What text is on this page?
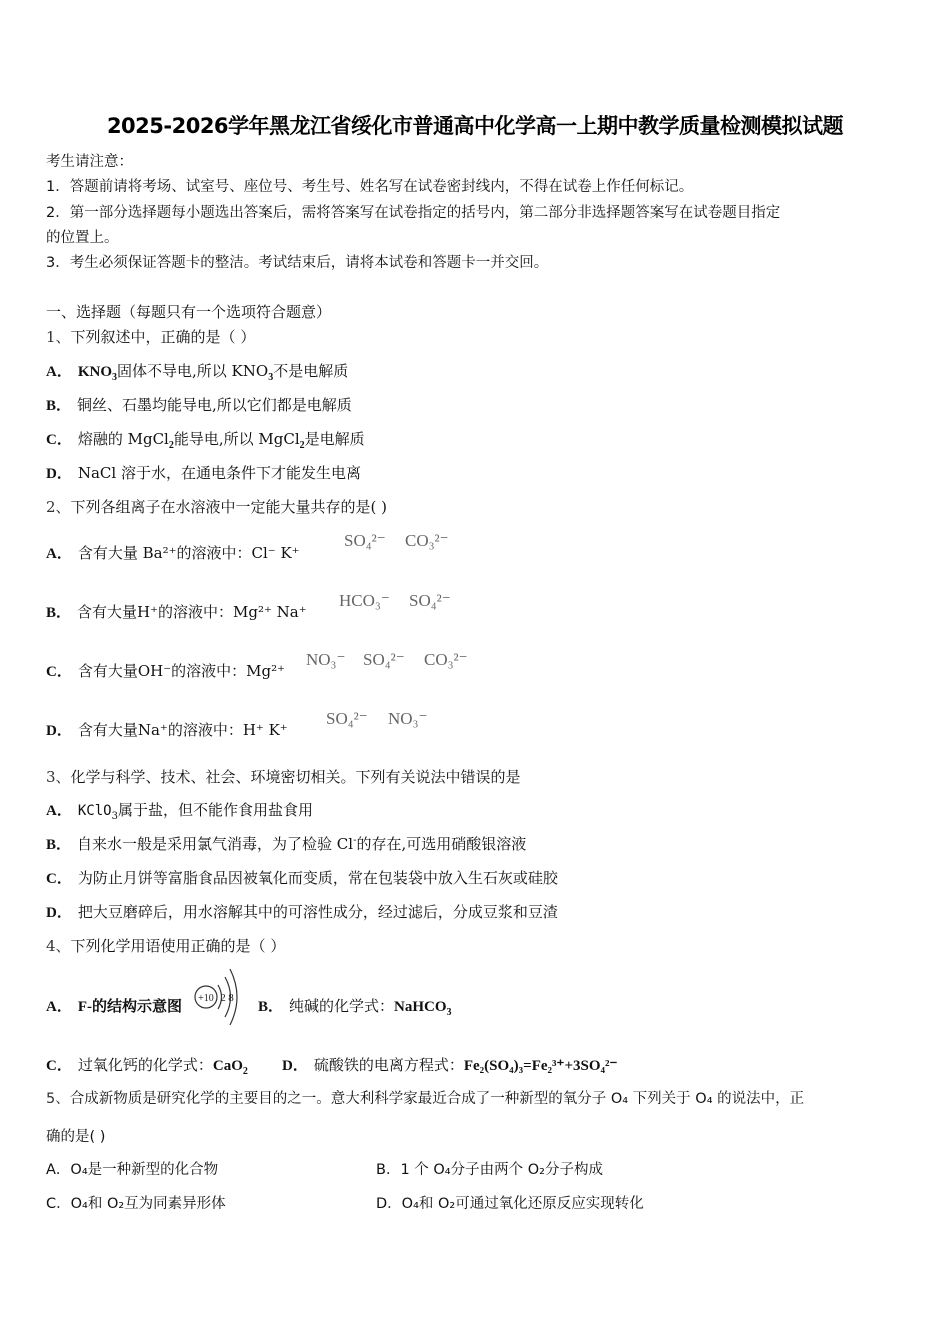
2025-2026学年黑龙江省绥化市普通高中化学高一上期中教学质量检测模拟试题
考生请注意：
1．答题前请将考场、试室号、座位号、考生号、姓名写在试卷密封线内，不得在试卷上作任何标记。
2．第一部分选择题每小题选出答案后，需将答案写在试卷指定的括号内，第二部分非选择题答案写在试卷题目指定
的位置上。
3．考生必须保证答题卡的整洁。考试结束后，请将本试卷和答题卡一并交回。
一、选择题（每题只有一个选项符合题意）
1、下列叙述中，正确的是（ ）
A． $KNO_3$固体不导电,所以 $KNO_3$不是电解质
B． 铜丝、石墨均能导电,所以它们都是电解质
C． 熔融的 MgCl$_2$能导电,所以 MgCl$_2$是电解质
D． NaCl 溶于水，在通电条件下才能发生电离
2、下列各组离子在水溶液中一定能大量共存的是( )
A． 含有大量 Ba²⁺的溶液中：Cl⁻ K⁺
SO₄²⁻ CO₃²⁻
B． 含有大量H⁺的溶液中：Mg²⁺ Na⁺
HCO₃⁻ SO₄²⁻
C． 含有大量OH⁻的溶液中：Mg²⁺
NO₃⁻ SO₄²⁻ CO₃²⁻
D． 含有大量Na⁺的溶液中：H⁺ K⁺
SO₄²⁻ NO₃⁻
3、化学与科学、技术、社会、环境密切相关。下列有关说法中错误的是
A． KClO$_3$属于盐，但不能作食用盐食用
B． 自来水一般是采用氯气消毒，为了检验 Cl-的存在,可选用硝酸银溶液
C． 为防止月饼等富脂食品因被氧化而变质，常在包装袋中放入生石灰或硅胶
D． 把大豆磨碎后，用水溶解其中的可溶性成分，经过滤后，分成豆浆和豆渣
4、下列化学用语使用正确的是（ ）
A． F-的结构示意图
+10 2 8
B． 纯碱的化学式：NaHCO$_3$
C． 过氧化钙的化学式：CaO$_2$ D． 硫酸铁的电离方程式：Fe₂(SO₄)₃=Fe₂³⁺+3SO₄²⁻
5、合成新物质是研究化学的主要目的之一。意大利科学家最近合成了一种新型的氧分子 O₄ 下列关于 O₄ 的说法中，正
确的是( )
A．O₄是一种新型的化合物	B．1 个 O₄分子由两个 O₂分子构成
C．O₄和 O₂互为同素异形体	D．O₄和 O₂可通过氧化还原反应实现转化
